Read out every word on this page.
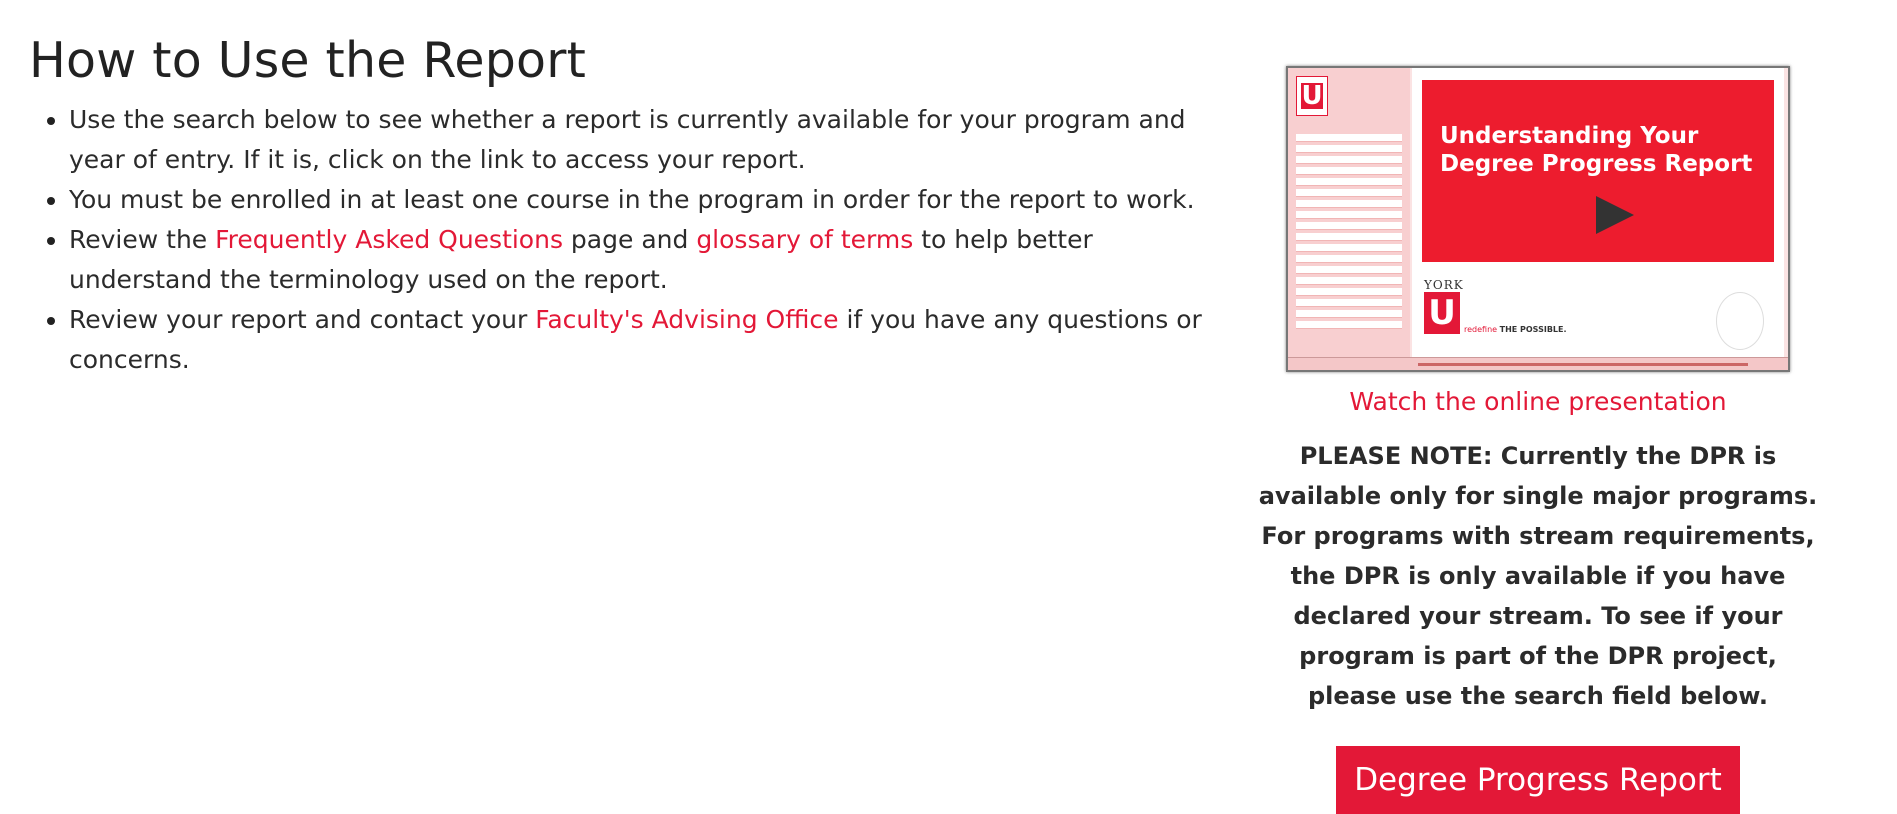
How to Use the Report
• Use the search below to see whether a report is currently available for your program and year of entry. If it is, click on the link to access your report.
• You must be enrolled in at least one course in the program in order for the report to work.
• Review the Frequently Asked Questions page and glossary of terms to help better understand the terminology used on the report.
• Review your report and contact your Faculty's Advising Office if you have any questions or concerns.
U
Understanding Your Degree Progress Report
YORK
U redefine THE POSSIBLE.
Watch the online presentation

PLEASE NOTE: Currently the DPR is available only for single major programs. For programs with stream requirements, the DPR is only available if you have declared your stream. To see if your program is part of the DPR project, please use the search field below.

Degree Progress Report
